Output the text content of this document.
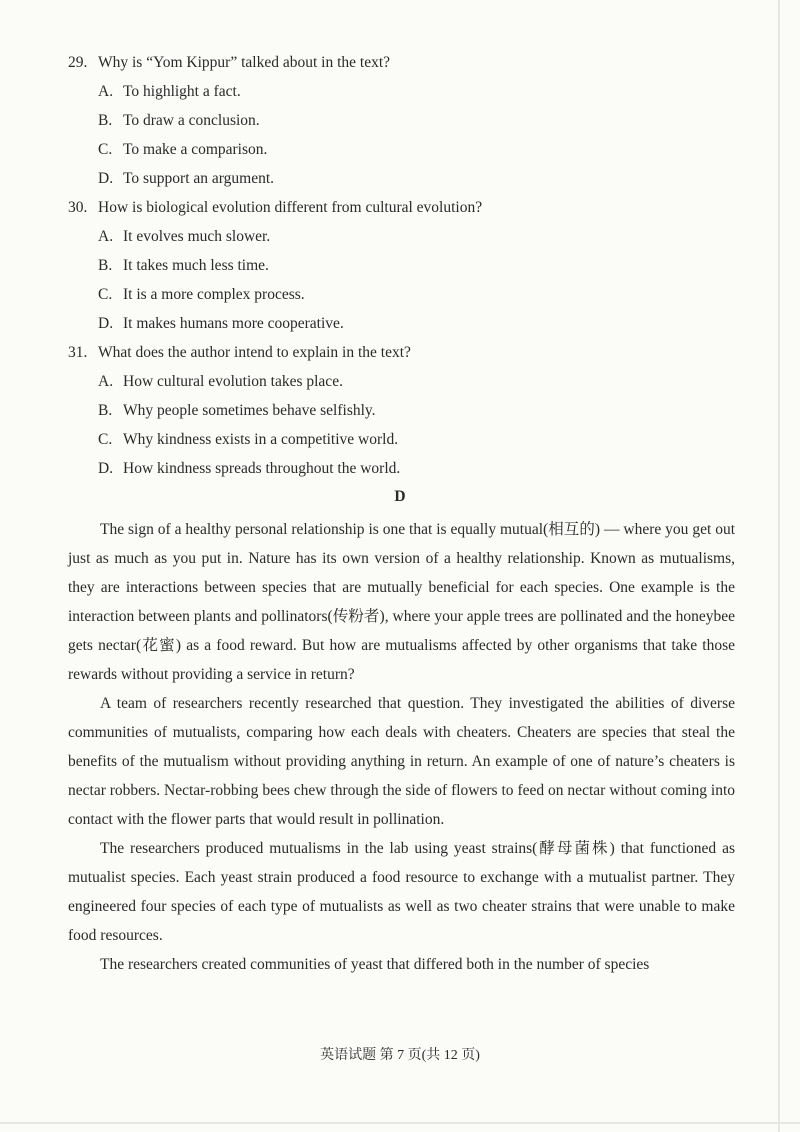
29. Why is “Yom Kippur” talked about in the text?
A. To highlight a fact.
B. To draw a conclusion.
C. To make a comparison.
D. To support an argument.
30. How is biological evolution different from cultural evolution?
A. It evolves much slower.
B. It takes much less time.
C. It is a more complex process.
D. It makes humans more cooperative.
31. What does the author intend to explain in the text?
A. How cultural evolution takes place.
B. Why people sometimes behave selfishly.
C. Why kindness exists in a competitive world.
D. How kindness spreads throughout the world.
D

The sign of a healthy personal relationship is one that is equally mutual(相互的) — where you get out just as much as you put in. Nature has its own version of a healthy relationship. Known as mutualisms, they are interactions between species that are mutually beneficial for each species. One example is the interaction between plants and pollinators(传粉者), where your apple trees are pollinated and the honeybee gets nectar(花蜜) as a food reward. But how are mutualisms affected by other organisms that take those rewards without providing a service in return?

A team of researchers recently researched that question. They investigated the abilities of diverse communities of mutualists, comparing how each deals with cheaters. Cheaters are species that steal the benefits of the mutualism without providing anything in return. An example of one of nature’s cheaters is nectar robbers. Nectar-robbing bees chew through the side of flowers to feed on nectar without coming into contact with the flower parts that would result in pollination.

The researchers produced mutualisms in the lab using yeast strains(酵母菌株) that functioned as mutualist species. Each yeast strain produced a food resource to exchange with a mutualist partner. They engineered four species of each type of mutualists as well as two cheater strains that were unable to make food resources.

The researchers created communities of yeast that differed both in the number of species

英语试题 第 7 页(共 12 页)
